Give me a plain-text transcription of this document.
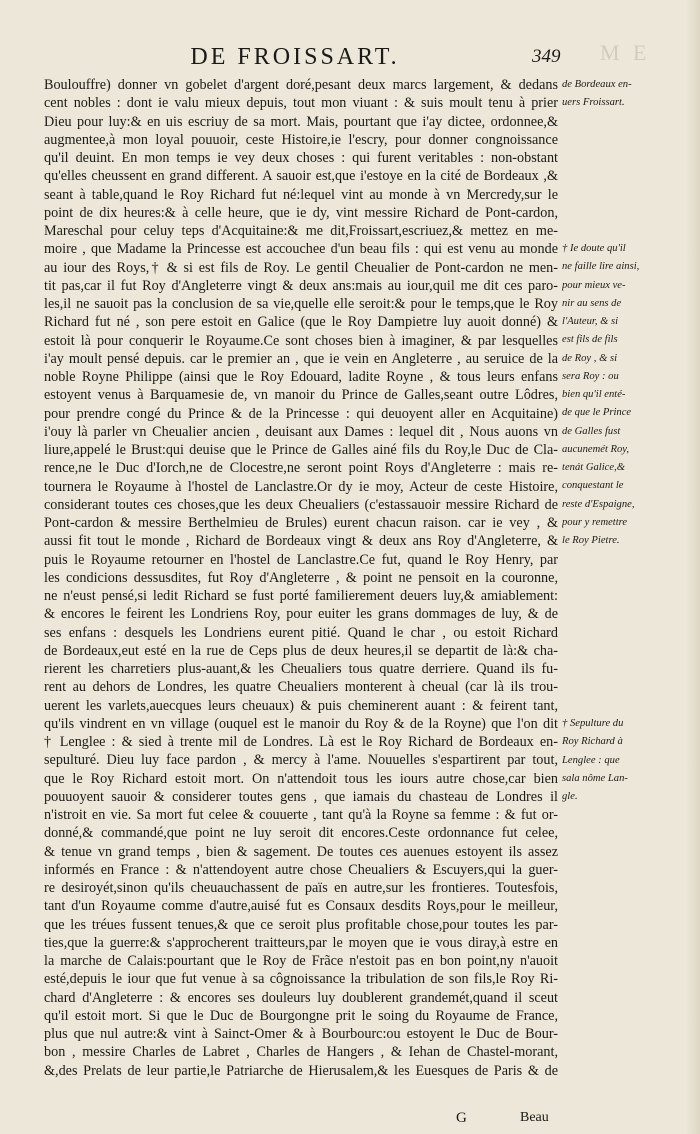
M E
DE FROISSART.	349
Boulouffre) donner vn gobelet d'argent doré,pesant deux marcs largement, & dedans
cent nobles : dont ie valu mieux depuis, tout mon viuant : & suis moult tenu à prier
Dieu pour luy:& en uis escriuy de sa mort. Mais, pourtant que i'ay dictee, ordonnee,&
augmentee,à mon loyal pouuoir, ceste Histoire,ie l'escry, pour donner congnoissance
qu'il deuint. En mon temps ie vey deux choses : qui furent veritables : non-obstant
qu'elles cheussent en grand different. A sauoir est,que i'estoye en la cité de Bordeaux ,&
seant à table,quand le Roy Richard fut né:lequel vint au monde à vn Mercredy,sur le
point de dix heures:& à celle heure, que ie dy, vint messire Richard de Pont-cardon,
Mareschal pour celuy teps d'Acquitaine:& me dit,Froissart,escriuez,& mettez en me-
moire , que Madame la Princesse est accouchee d'un beau fils : qui est venu au monde
au iour des Roys,† & si est fils de Roy. Le gentil Cheualier de Pont-cardon ne men-
tit pas,car il fut Roy d'Angleterre vingt & deux ans:mais au iour,quil me dit ces paro-
les,il ne sauoit pas la conclusion de sa vie,quelle elle seroit:& pour le temps,que le Roy
Richard fut né , son pere estoit en Galice (que le Roy Dampietre luy auoit donné) &
estoit là pour conquerir le Royaume.Ce sont choses bien à imaginer, & par lesquelles
i'ay moult pensé depuis. car le premier an , que ie vein en Angleterre , au seruice de la
noble Royne Philippe (ainsi que le Roy Edouard, ladite Royne , & tous leurs enfans
estoyent venus à Barquamesie de, vn manoir du Prince de Galles,seant outre Lôdres,
pour prendre congé du Prince & de la Princesse : qui deuoyent aller en Acquitaine)
i'ouy là parler vn Cheualier ancien , deuisant aux Dames : lequel dit , Nous auons vn
liure,appelé le Brust:qui deuise que le Prince de Galles ainé fils du Roy,le Duc de Cla-
rence,ne le Duc d'Iorch,ne de Clocestre,ne seront point Roys d'Angleterre : mais re-
tournera le Royaume à l'hostel de Lanclastre.Or dy ie moy, Acteur de ceste Histoire,
considerant toutes ces choses,que les deux Cheualiers (c'estassauoir messire Richard de
Pont-cardon & messire Berthelmieu de Brules) eurent chacun raison. car ie vey , &
aussi fit tout le monde , Richard de Bordeaux vingt & deux ans Roy d'Angleterre, &
puis le Royaume retourner en l'hostel de Lanclastre.Ce fut, quand le Roy Henry, par
les condicions dessusdites, fut Roy d'Angleterre , & point ne pensoit en la couronne,
ne n'eust pensé,si ledit Richard se fust porté familierement deuers luy,& amiablement:
& encores le feirent les Londriens Roy, pour euiter les grans dommages de luy, & de
ses enfans : desquels les Londriens eurent pitié. Quand le char , ou estoit Richard
de Bordeaux,eut esté en la rue de Ceps plus de deux heures,il se departit de là:& cha-
rierent les charretiers plus-auant,& les Cheualiers tous quatre derriere. Quand ils fu-
rent au dehors de Londres, les quatre Cheualiers monterent à cheual (car là ils trou-
uerent les varlets,auecques leurs cheuaux) & puis cheminerent auant : & feirent tant,
qu'ils vindrent en vn village (ouquel est le manoir du Roy & de la Royne) que l'on dit
† Lenglee : & sied à trente mil de Londres. Là est le Roy Richard de Bordeaux en-
sepulturé. Dieu luy face pardon , & mercy à l'ame. Nouuelles s'espartirent par tout,
que le Roy Richard estoit mort. On n'attendoit tous les iours autre chose,car bien
pouuoyent sauoir & considerer toutes gens , que iamais du chasteau de Londres il
n'istroit en vie. Sa mort fut celee & couuerte , tant qu'à la Royne sa femme : & fut or-
donné,& commandé,que point ne luy seroit dit encores.Ceste ordonnance fut celee,
& tenue vn grand temps , bien & sagement. De toutes ces auenues estoyent ils assez
informés en France : & n'attendoyent autre chose Cheualiers & Escuyers,qui la guer-
re desiroyét,sinon qu'ils cheuauchassent de païs en autre,sur les frontieres. Toutesfois,
tant d'un Royaume comme d'autre,auisé fut es Consaux desdits Roys,pour le meilleur,
que les tréues fussent tenues,& que ce seroit plus profitable chose,pour toutes les par-
ties,que la guerre:& s'approcherent traitteurs,par le moyen que ie vous diray,à estre en
la marche de Calais:pourtant que le Roy de Frãce n'estoit pas en bon point,ny n'auoit
esté,depuis le iour que fut venue à sa côgnoissance la tribulation de son fils,le Roy Ri-
chard d'Angleterre : & encores ses douleurs luy doublerent grandemét,quand il sceut
qu'il estoit mort. Si que le Duc de Bourgongne prit le soing du Royaume de France,
plus que nul autre:& vint à Sainct-Omer & à Bourbourc:ou estoyent le Duc de Bour-
bon , messire Charles de Labret , Charles de Hangers , & Iehan de Chastel-morant,
&,des Prelats de leur partie,le Patriarche de Hierusalem,& les Euesques de Paris & de
de Bordeaux en-
uers Froissart.
† Ie doute qu'il
ne faille lire ainsi,
pour mieux ve-
nir au sens de
l'Auteur, & si
est fils de fils
de Roy , & si
sera Roy : ou
bien qu'il enté-
de que le Prince
de Galles fust
aucunemét Roy,
tenát Galice,&
conquestant le
reste d'Espaigne,
pour y remettre
le Roy Pietre.
† Sepulture du
Roy Richard à
Lenglee : que
sala nôme Lan-
gle.
G	Beau
